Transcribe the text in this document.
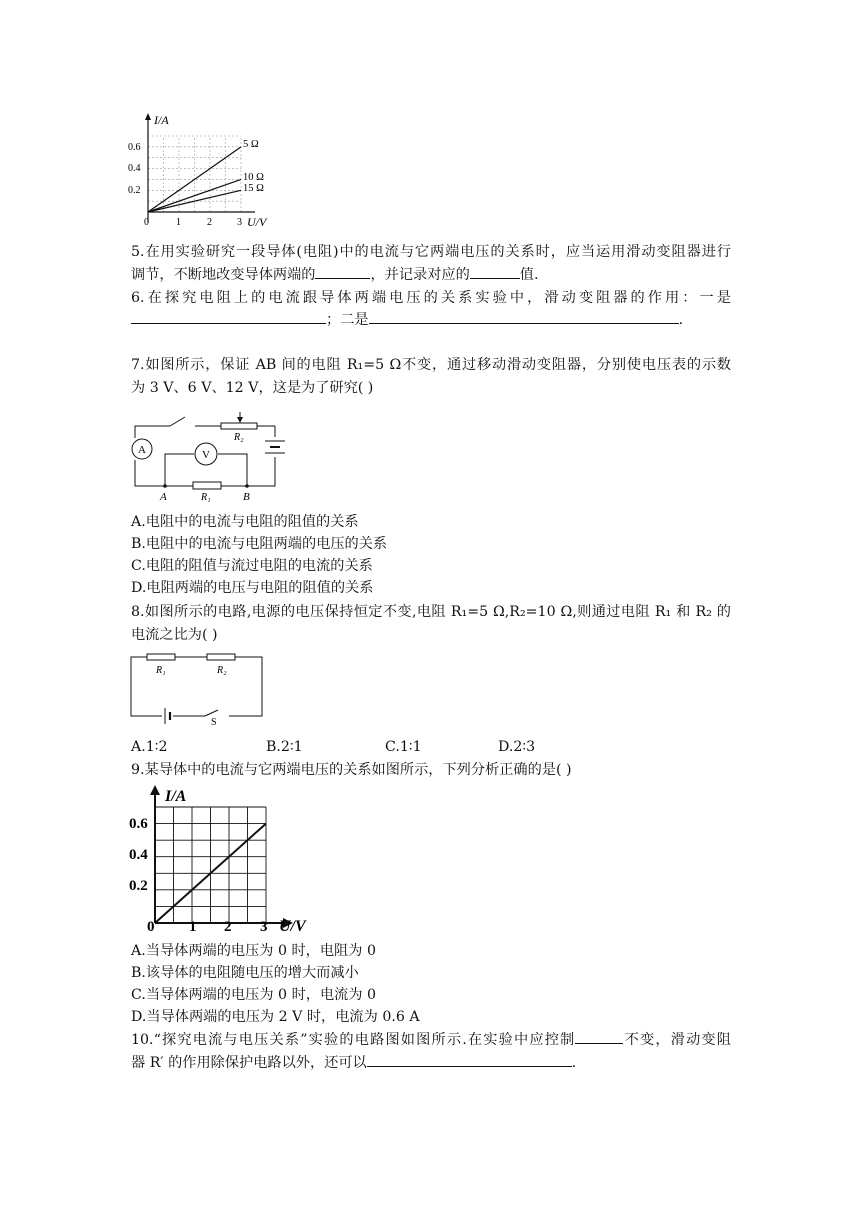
I/A
U/V
0.6
0.4
0.2
0	1	2	3
5 Ω
10 Ω
15 Ω
5.在用实验研究一段导体(电阻)中的电流与它两端电压的关系时，应当运用滑动变阻器进行
调节，不断地改变导体两端的	，并记录对应的	值.
6.在探究电阻上的电流跟导体两端电压的关系实验中，滑动变阻器的作用：一是
；二是	.
7.如图所示，保证 AB 间的电阻 R₁=5 Ω不变，通过移动滑动变阻器，分别使电压表的示数
为 3 V、6 V、12 V，这是为了研究( )
A	V
R₁
R₂
A	B
A.电阻中的电流与电阻的阻值的关系
B.电阻中的电流与电阻两端的电压的关系
C.电阻的阻值与流过电阻的电流的关系
D.电阻两端的电压与电阻的阻值的关系
8.如图所示的电路,电源的电压保持恒定不变,电阻 R₁=5 Ω,R₂=10 Ω,则通过电阻 R₁ 和 R₂ 的
电流之比为( )
R₁	R₂
S
A.1∶2	B.2∶1	C.1∶1	D.2∶3
9.某导体中的电流与它两端电压的关系如图所示，下列分析正确的是( )
I/A
U/V
0.6
0.4
0.2
0 1 2 3
A.当导体两端的电压为 0 时，电阻为 0
B.该导体的电阻随电压的增大而减小
C.当导体两端的电压为 0 时，电流为 0
D.当导体两端的电压为 2 V 时，电流为 0.6 A
10.“探究电流与电压关系”实验的电路图如图所示.在实验中应控制	不变，滑动变阻
器 R′ 的作用除保护电路以外，还可以	.
